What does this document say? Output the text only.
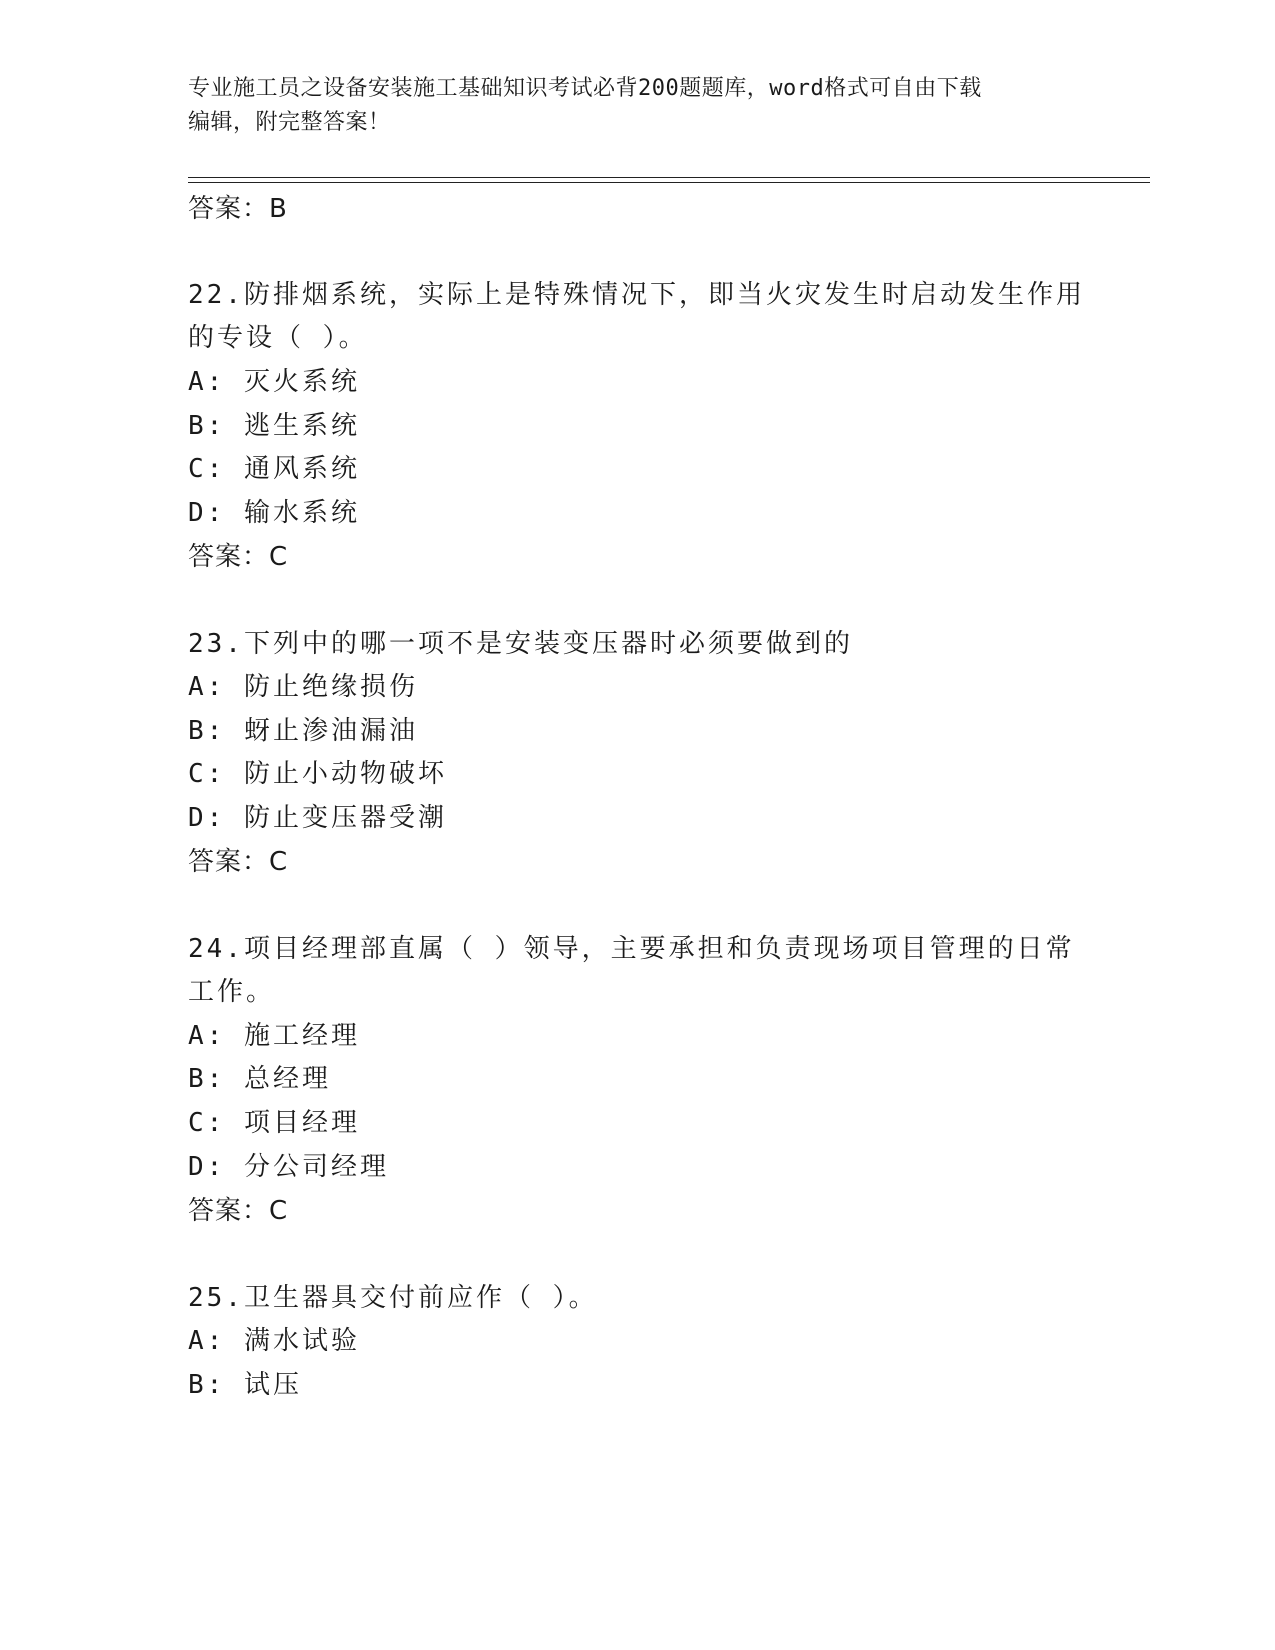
专业施工员之设备安装施工基础知识考试必背200题题库，word格式可自由下载
编辑，附完整答案！
答案：B
22.防排烟系统，实际上是特殊情况下，即当火灾发生时启动发生作用
的专设（ ）。
A: 灭火系统
B: 逃生系统
C: 通风系统
D: 输水系统
答案：C
23.下列中的哪一项不是安装变压器时必须要做到的
A: 防止绝缘损伤
B: 蚜止渗油漏油
C: 防止小动物破坏
D: 防止变压器受潮
答案：C
24.项目经理部直属（ ）领导，主要承担和负责现场项目管理的日常
工作。
A: 施工经理
B: 总经理
C: 项目经理
D: 分公司经理
答案：C
25.卫生器具交付前应作（ ）。
A: 满水试验
B: 试压
